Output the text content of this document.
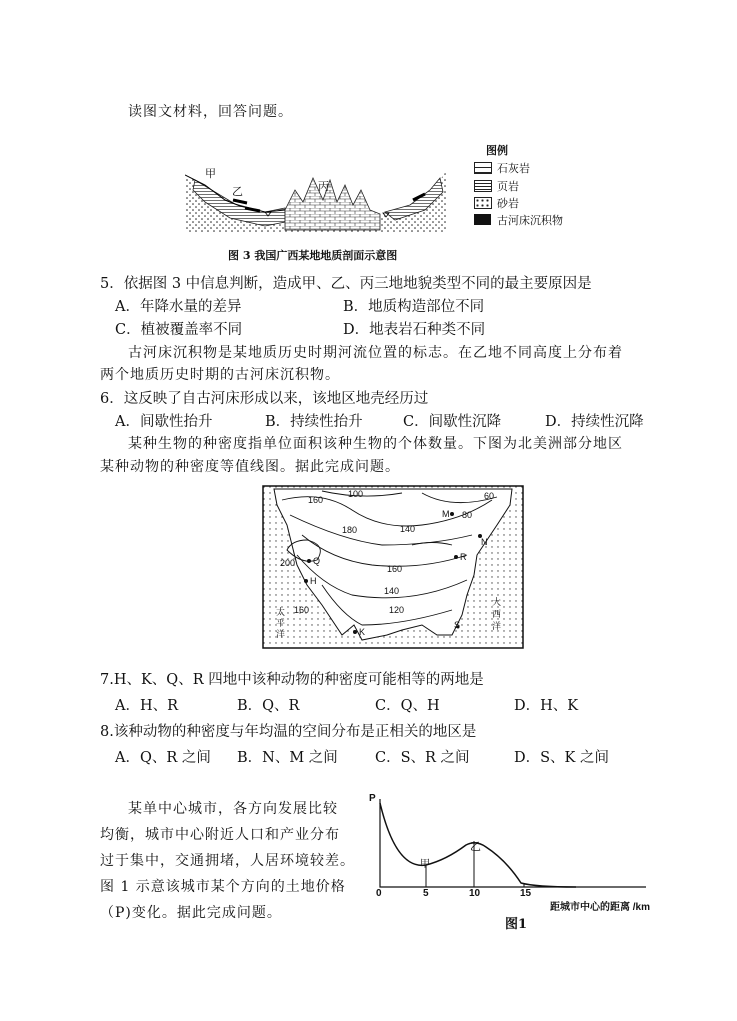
读图文材料，回答问题。
甲
乙	丙
图例
石灰岩
页岩
砂岩
古河床沉积物
图 3 我国广西某地地质剖面示意图
5．依据图 3 中信息判断，造成甲、乙、丙三地地貌类型不同的最主要原因是
A．年降水量的差异	B．地质构造部位不同
C．植被覆盖率不同	D．地表岩石种类不同
古河床沉积物是某地质历史时期河流位置的标志。在乙地不同高度上分布着
两个地质历史时期的古河床沉积物。
6．这反映了自古河床形成以来，该地区地壳经历过
A．间歇性抬升	B．持续性抬升	C．间歇性沉降	D．持续性沉降
某种生物的种密度指单位面积该种生物的个体数量。下图为北美洲部分地区
某种动物的种密度等值线图。据此完成问题。
160
100	60
80
180	140
200
160
140
120
160
M
N
R
Q
H
K
S
太
平
洋
大
西
洋
7.H、K、Q、R 四地中该种动物的种密度可能相等的两地是
A．H、R	B．Q、R	C．Q、H	D．H、K
8.该种动物的种密度与年均温的空间分布是正相关的地区是
A．Q、R 之间 B．N、M 之间	C．S、R 之间	D．S、K 之间
某单中心城市，各方向发展比较
均衡，城市中心附近人口和产业分布
过于集中，交通拥堵，人居环境较差。
图 1 示意该城市某个方向的土地价格
（P)变化。据此完成问题。
P
0	5	10	15
距城市中心的距离 /km
甲
乙
图1
